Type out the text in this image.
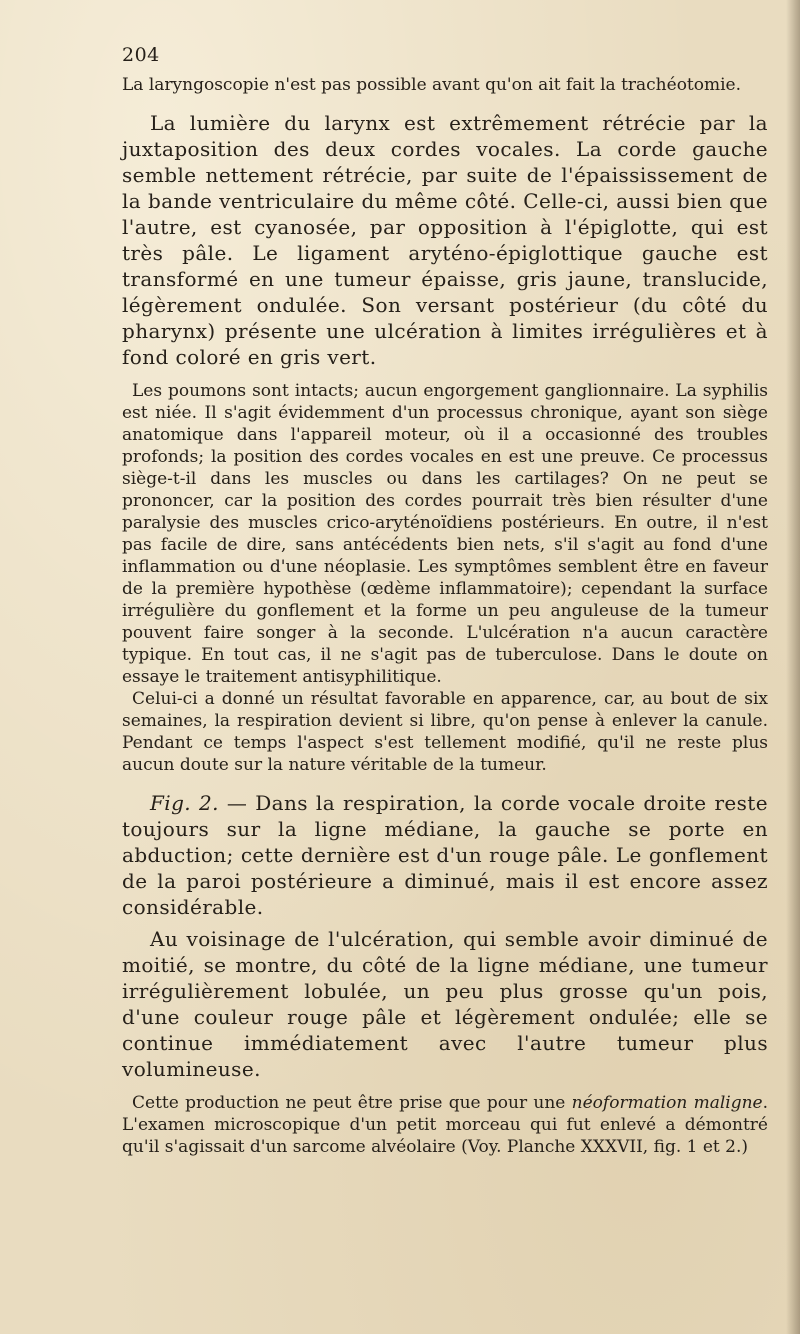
204

La laryngoscopie n'est pas possible avant qu'on ait fait la trachéotomie.

La lumière du larynx est extrêmement rétrécie par la juxtaposition des deux cordes vocales. La corde gauche semble nettement rétrécie, par suite de l'épaississement de la bande ventriculaire du même côté. Celle-ci, aussi bien que l'autre, est cyanosée, par opposition à l'épiglotte, qui est très pâle. Le ligament aryténo-épiglottique gauche est transformé en une tumeur épaisse, gris jaune, translucide, légèrement ondulée. Son versant postérieur (du côté du pharynx) présente une ulcération à limites irrégulières et à fond coloré en gris vert.

Les poumons sont intacts; aucun engorgement ganglionnaire. La syphilis est niée. Il s'agit évidemment d'un processus chronique, ayant son siège anatomique dans l'appareil moteur, où il a occasionné des troubles profonds; la position des cordes vocales en est une preuve. Ce processus siège-t-il dans les muscles ou dans les cartilages? On ne peut se prononcer, car la position des cordes pourrait très bien résulter d'une paralysie des muscles crico-aryténoïdiens postérieurs. En outre, il n'est pas facile de dire, sans antécédents bien nets, s'il s'agit au fond d'une inflammation ou d'une néoplasie. Les symptômes semblent être en faveur de la première hypothèse (œdème inflammatoire); cependant la surface irrégulière du gonflement et la forme un peu anguleuse de la tumeur pouvent faire songer à la seconde. L'ulcération n'a aucun caractère typique. En tout cas, il ne s'agit pas de tuberculose. Dans le doute on essaye le traitement antisyphilitique.

Celui-ci a donné un résultat favorable en apparence, car, au bout de six semaines, la respiration devient si libre, qu'on pense à enlever la canule. Pendant ce temps l'aspect s'est tellement modifié, qu'il ne reste plus aucun doute sur la nature véritable de la tumeur.

Fig. 2. — Dans la respiration, la corde vocale droite reste toujours sur la ligne médiane, la gauche se porte en abduction; cette dernière est d'un rouge pâle. Le gonflement de la paroi postérieure a diminué, mais il est encore assez considérable.

Au voisinage de l'ulcération, qui semble avoir diminué de moitié, se montre, du côté de la ligne médiane, une tumeur irrégulièrement lobulée, un peu plus grosse qu'un pois, d'une couleur rouge pâle et légèrement ondulée; elle se continue immédiatement avec l'autre tumeur plus volumineuse.

Cette production ne peut être prise que pour une néoformation maligne. L'examen microscopique d'un petit morceau qui fut enlevé a démontré qu'il s'agissait d'un sarcome alvéolaire (Voy. Planche XXXVII, fig. 1 et 2.)
